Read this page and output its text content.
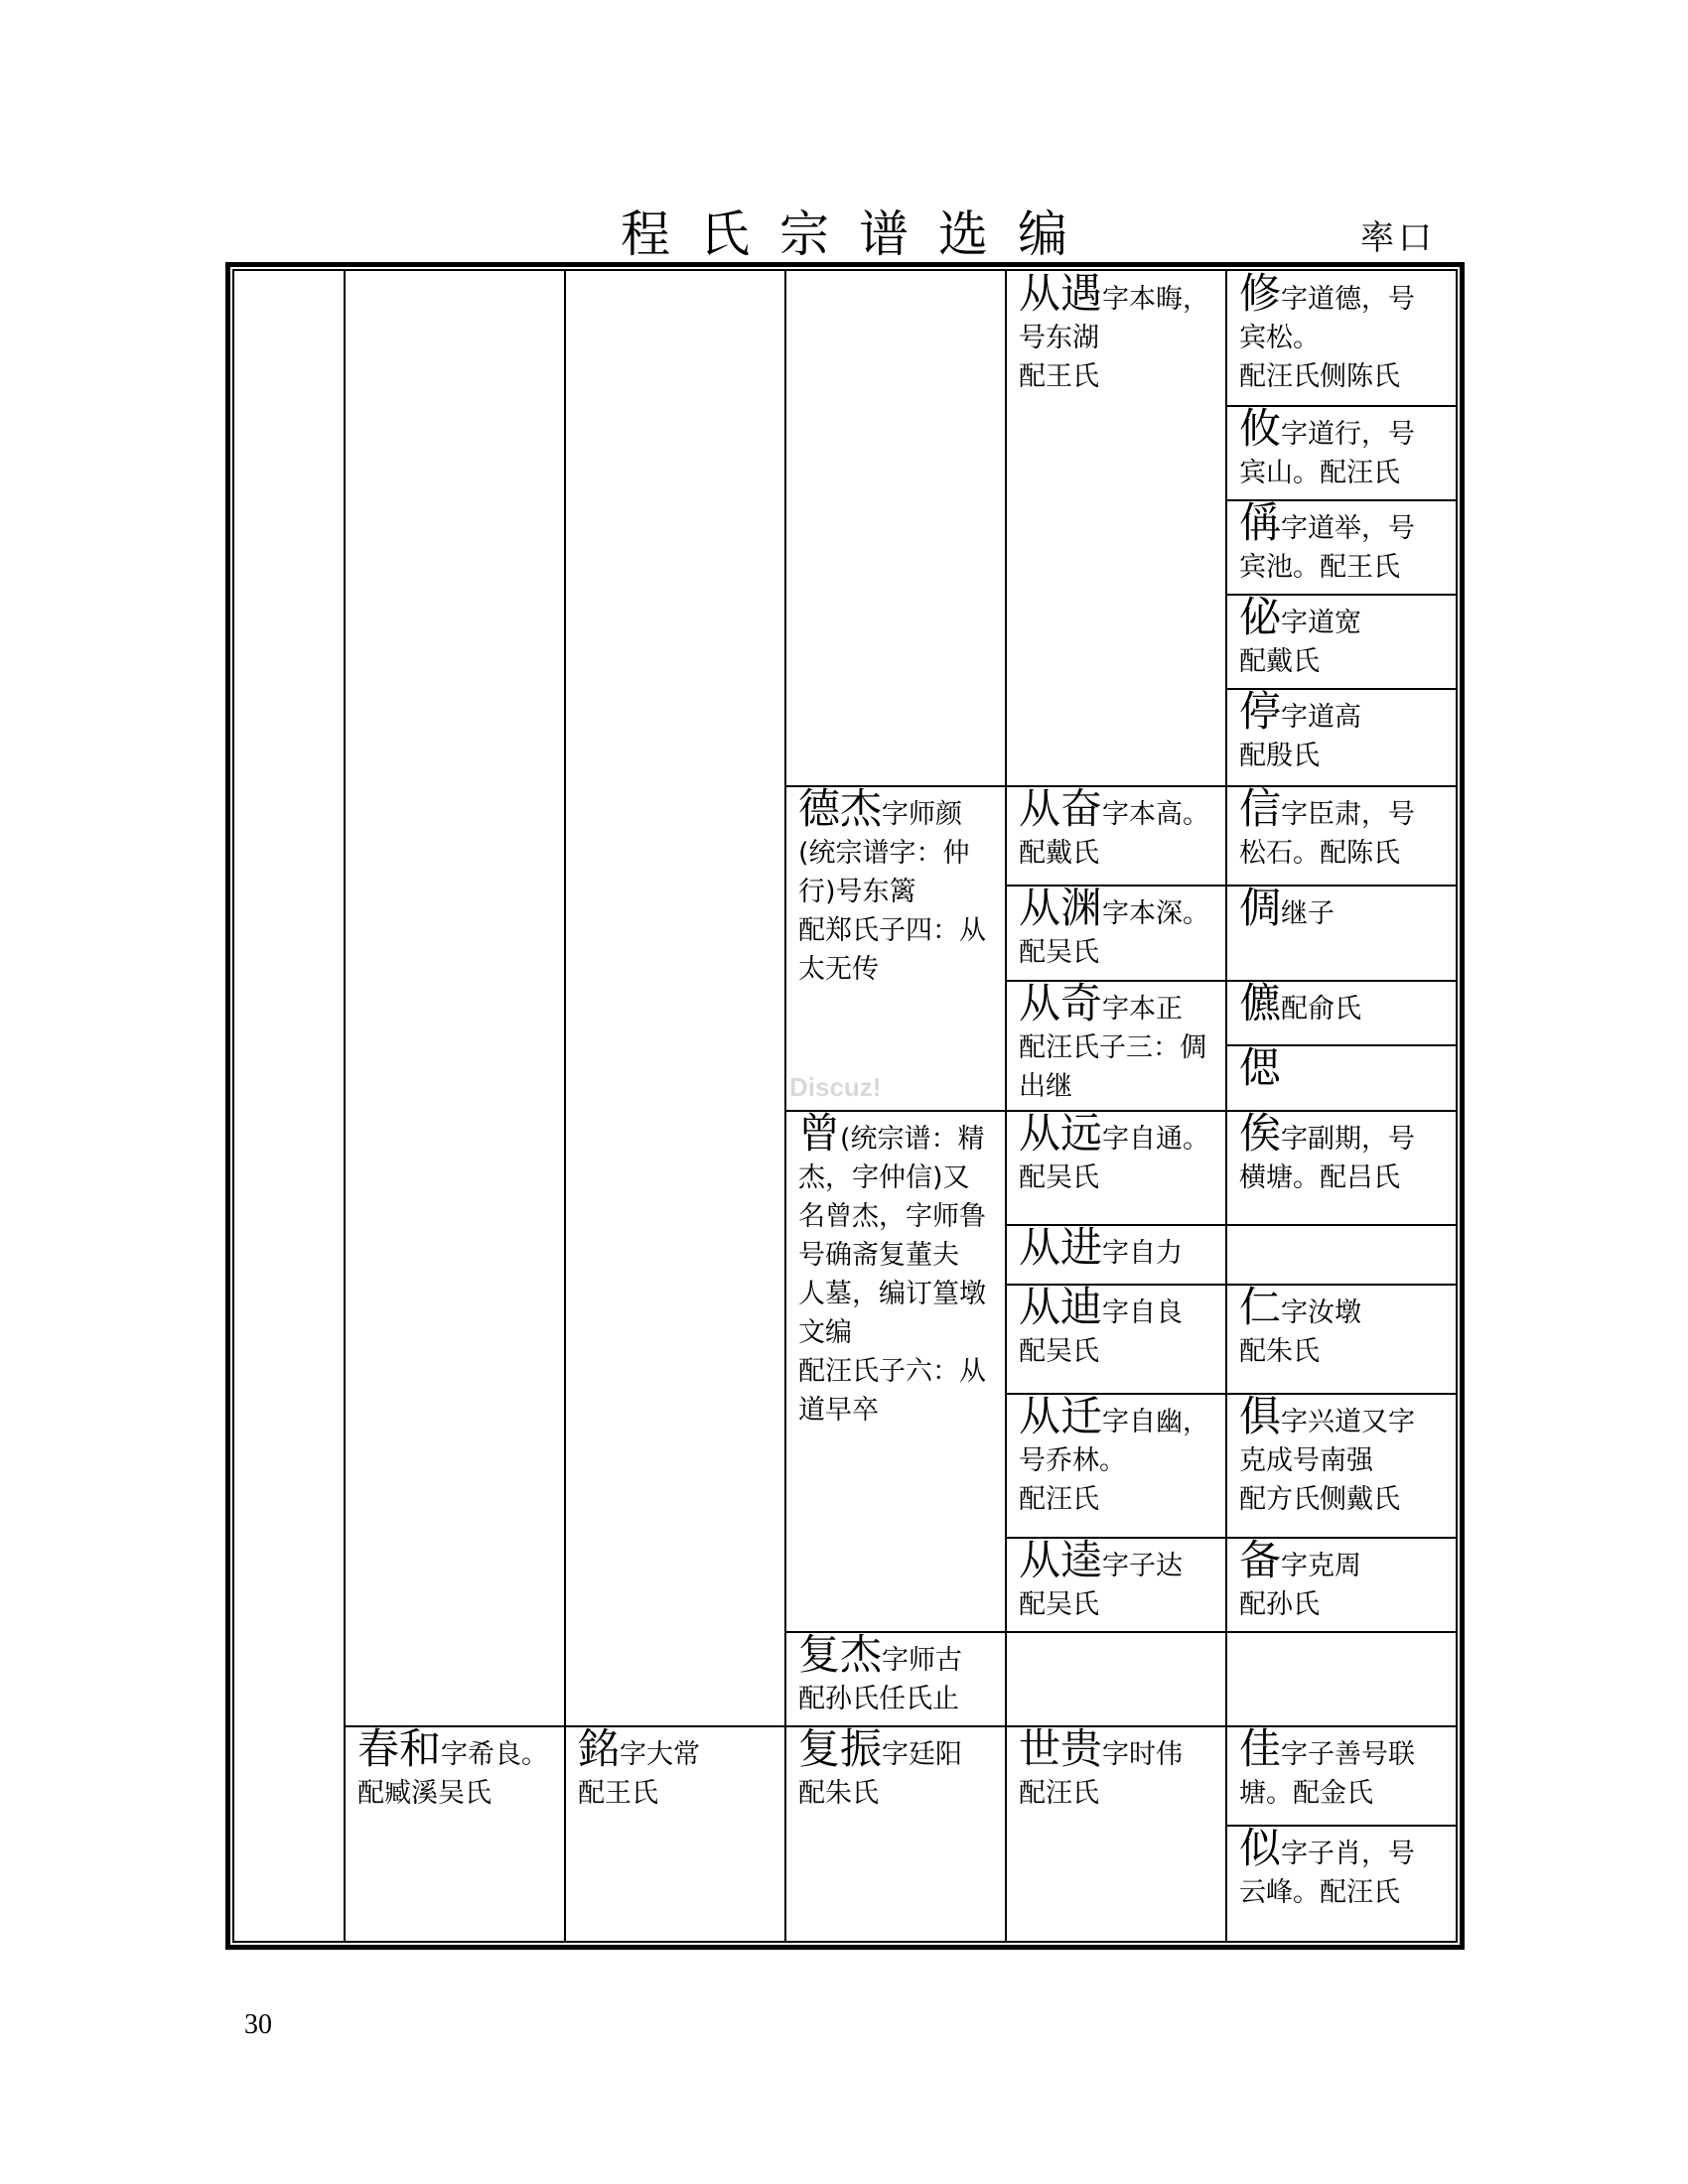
程氏宗谱选编	率口
从遇字本晦，
号东湖
配王氏
修字道德，号
宾松。
配汪氏侧陈氏
攸字道行，号
宾山。配汪氏
偁字道举，号
宾池。配王氏
佖字道宽
配戴氏
停字道高
配殷氏
德杰字师颜
(统宗谱字：仲
行)号东篱
配郑氏子四：从
太无传
从奋字本高。
配戴氏
信字臣肃，号
松石。配陈氏
从渊字本深。
配吴氏
倜继子
从奇字本正
配汪氏子三：倜
出继
儦配俞氏
偲
Discuz!
曾(统宗谱：精
杰，字仲信)又
名曾杰，字师鲁
号确斋复董夫
人墓，编订篁墩
文编
配汪氏子六：从
道早卒
从远字自通。
配吴氏
俟字副期，号
横塘。配吕氏
从进字自力
从迪字自良
配吴氏
仁字汝墩
配朱氏
从迁字自幽，
号乔林。
配汪氏
俱字兴道又字
克成号南强
配方氏侧戴氏
从逵字子达
配吴氏
备字克周
配孙氏
复杰字师古
配孙氏任氏止
春和字希良。
配臧溪吴氏
銘字大常
配王氏
复振字廷阳
配朱氏
世贵字时伟
配汪氏
佳字子善号联
塘。配金氏
似字子肖，号
云峰。配汪氏
30
